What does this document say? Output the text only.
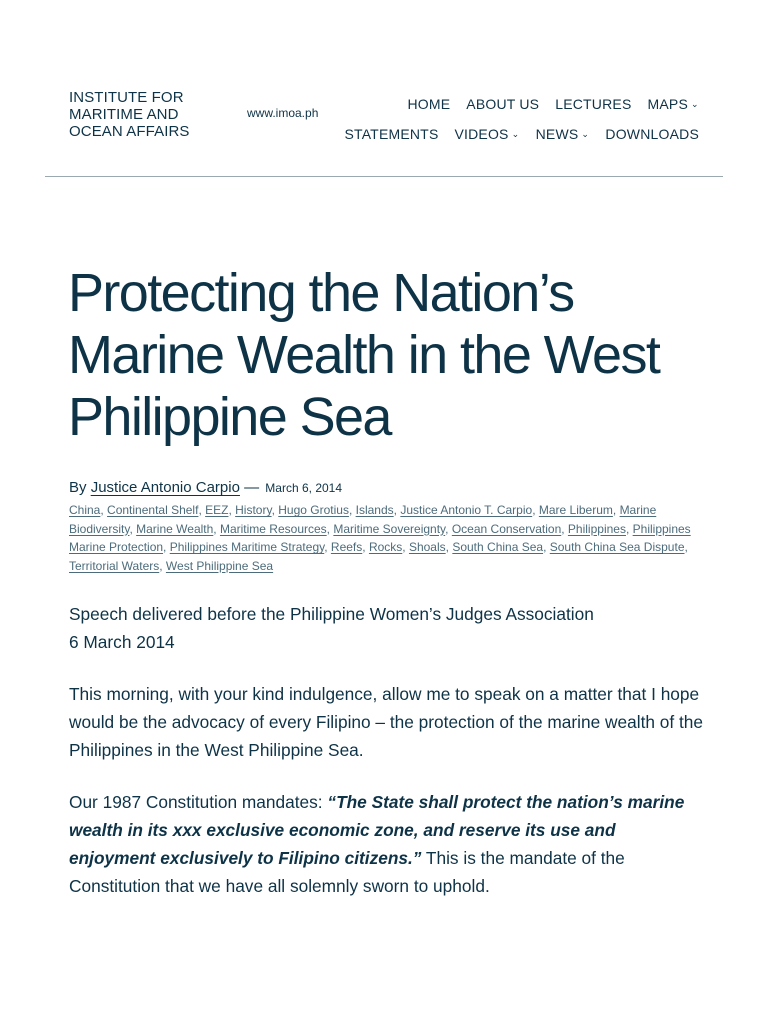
INSTITUTE FOR MARITIME AND OCEAN AFFAIRS
www.imoa.ph
HOME ABOUT US LECTURES MAPS ⌄
STATEMENTS VIDEOS ⌄ NEWS ⌄ DOWNLOADS
Protecting the Nation’s Marine Wealth in the West Philippine Sea
By Justice Antonio Carpio — March 6, 2014
China, Continental Shelf, EEZ, History, Hugo Grotius, Islands, Justice Antonio T. Carpio, Mare Liberum, Marine Biodiversity, Marine Wealth, Maritime Resources, Maritime Sovereignty, Ocean Conservation, Philippines, Philippines Marine Protection, Philippines Maritime Strategy, Reefs, Rocks, Shoals, South China Sea, South China Sea Dispute, Territorial Waters, West Philippine Sea

Speech delivered before the Philippine Women’s Judges Association
6 March 2014

This morning, with your kind indulgence, allow me to speak on a matter that I hope would be the advocacy of every Filipino – the protection of the marine wealth of the Philippines in the West Philippine Sea.

Our 1987 Constitution mandates: “The State shall protect the nation’s marine wealth in its xxx exclusive economic zone, and reserve its use and enjoyment exclusively to Filipino citizens.” This is the mandate of the Constitution that we have all solemnly sworn to uphold.
